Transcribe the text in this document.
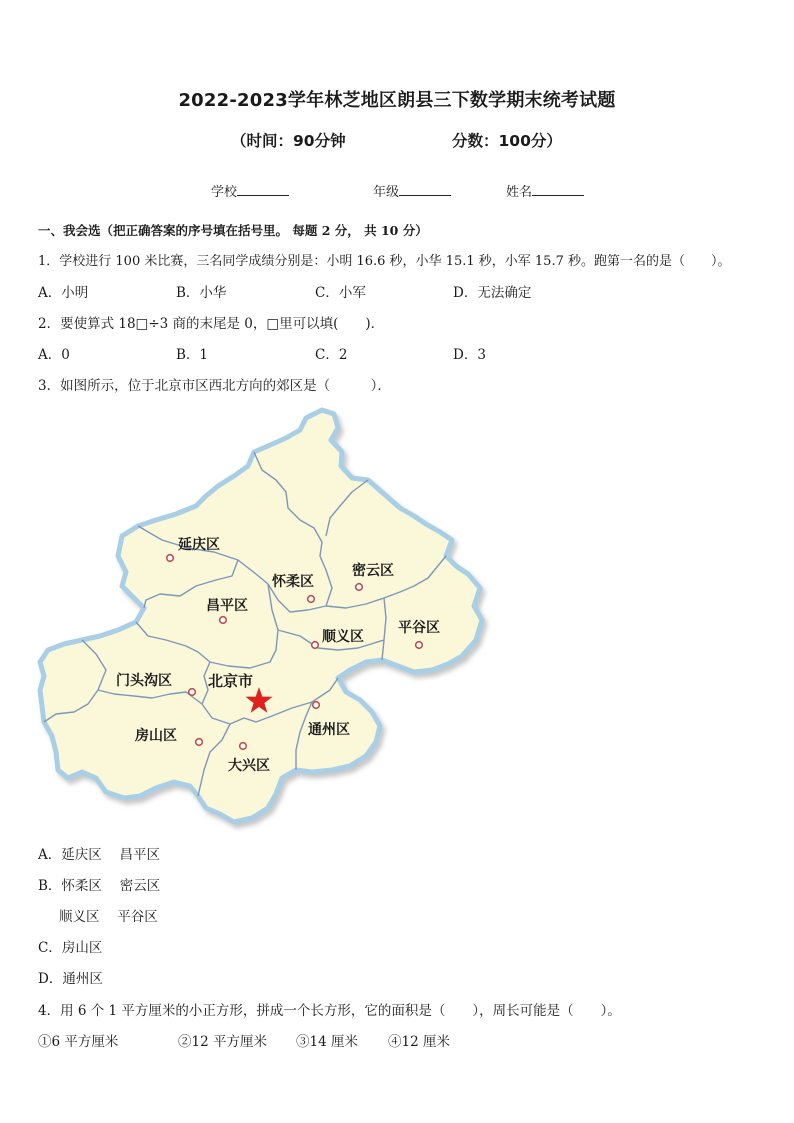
2022-2023学年林芝地区朗县三下数学期末统考试题
（时间：90分钟	分数：100分）
学校	年级	姓名
一、我会选（把正确答案的序号填在括号里。 每题 2 分， 共 10 分）
1．学校进行 100 米比赛，三名同学成绩分别是：小明 16.6 秒，小华 15.1 秒，小军 15.7 秒。跑第一名的是（　　）。
A．小明	B．小华	C．小军	D．无法确定
2．要使算式 18□÷3 商的末尾是 0，□里可以填(　　)．
A．0	B．1	C．2	D．3
3．如图所示，位于北京市区西北方向的郊区是（　　　）．
延庆区
怀柔区
密云区
昌平区
顺义区
平谷区
门头沟区 北京市
通州区
房山区
大兴区
A．延庆区　 昌平区
B．怀柔区　 密云区
顺义区　 平谷区
C．房山区
D．通州区
4．用 6 个 1 平方厘米的小正方形，拼成一个长方形，它的面积是（　　），周长可能是（　　）。
①6 平方厘米	②12 平方厘米 ③14 厘米 ④12 厘米
